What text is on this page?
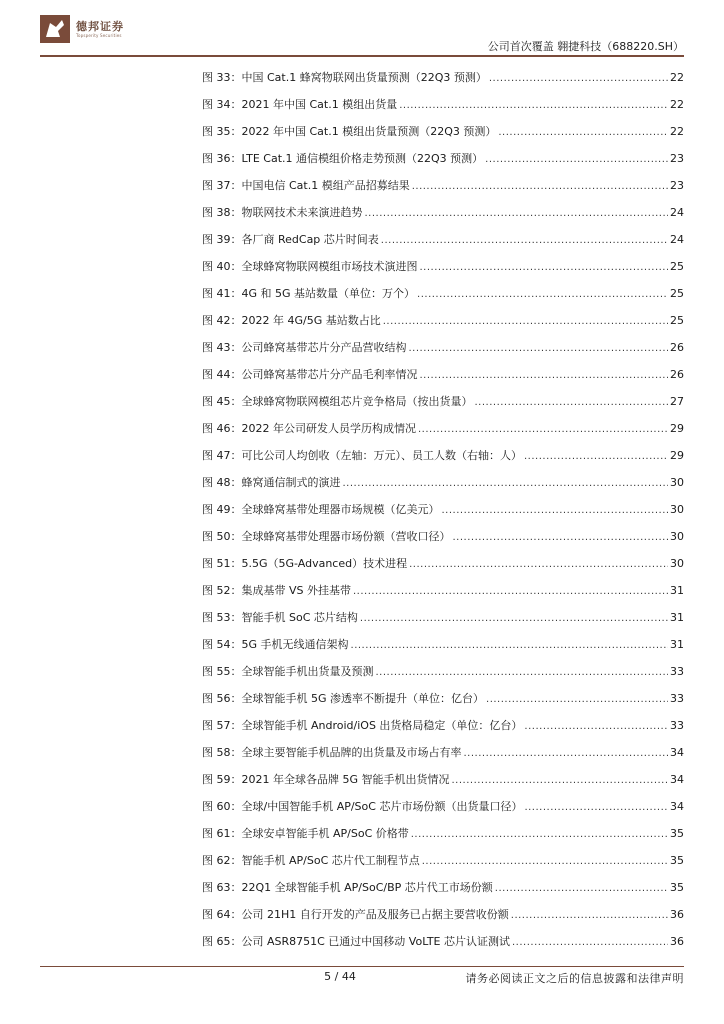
德邦证券
Topsperity Securities
公司首次覆盖 翱捷科技（688220.SH）
图 33：中国 Cat.1 蜂窝物联网出货量预测（22Q3 预测） .....	22
图 34：2021 年中国 Cat.1 模组出货量 .....	22
图 35：2022 年中国 Cat.1 模组出货量预测（22Q3 预测） .....	22
图 36：LTE Cat.1 通信模组价格走势预测（22Q3 预测） .....	23
图 37：中国电信 Cat.1 模组产品招募结果 .....	23
图 38：物联网技术未来演进趋势 .....	24
图 39：各厂商 RedCap 芯片时间表 .....	24
图 40：全球蜂窝物联网模组市场技术演进图 .....	25
图 41：4G 和 5G 基站数量（单位：万个） .....	25
图 42：2022 年 4G/5G 基站数占比 .....	25
图 43：公司蜂窝基带芯片分产品营收结构 .....	26
图 44：公司蜂窝基带芯片分产品毛利率情况 .....	26
图 45：全球蜂窝物联网模组芯片竞争格局（按出货量） .....	27
图 46：2022 年公司研发人员学历构成情况 .....	29
图 47：可比公司人均创收（左轴：万元）、员工人数（右轴：人） .....	29
图 48：蜂窝通信制式的演进 .....	30
图 49：全球蜂窝基带处理器市场规模（亿美元） .....	30
图 50：全球蜂窝基带处理器市场份额（营收口径） .....	30
图 51：5.5G（5G-Advanced）技术进程 .....	30
图 52：集成基带 VS 外挂基带 .....	31
图 53：智能手机 SoC 芯片结构 .....	31
图 54：5G 手机无线通信架构 .....	31
图 55：全球智能手机出货量及预测 .....	33
图 56：全球智能手机 5G 渗透率不断提升（单位：亿台） .....	33
图 57：全球智能手机 Android/iOS 出货格局稳定（单位：亿台） .....	33
图 58：全球主要智能手机品牌的出货量及市场占有率 .....	34
图 59：2021 年全球各品牌 5G 智能手机出货情况 .....	34
图 60：全球/中国智能手机 AP/SoC 芯片市场份额（出货量口径） .....	34
图 61：全球安卓智能手机 AP/SoC 价格带 .....	35
图 62：智能手机 AP/SoC 芯片代工制程节点 .....	35
图 63：22Q1 全球智能手机 AP/SoC/BP 芯片代工市场份额 .....	35
图 64：公司 21H1 自行开发的产品及服务已占据主要营收份额 .....	36
图 65：公司 ASR8751C 已通过中国移动 VoLTE 芯片认证测试 .....	36
5 / 44	请务必阅读正文之后的信息披露和法律声明
